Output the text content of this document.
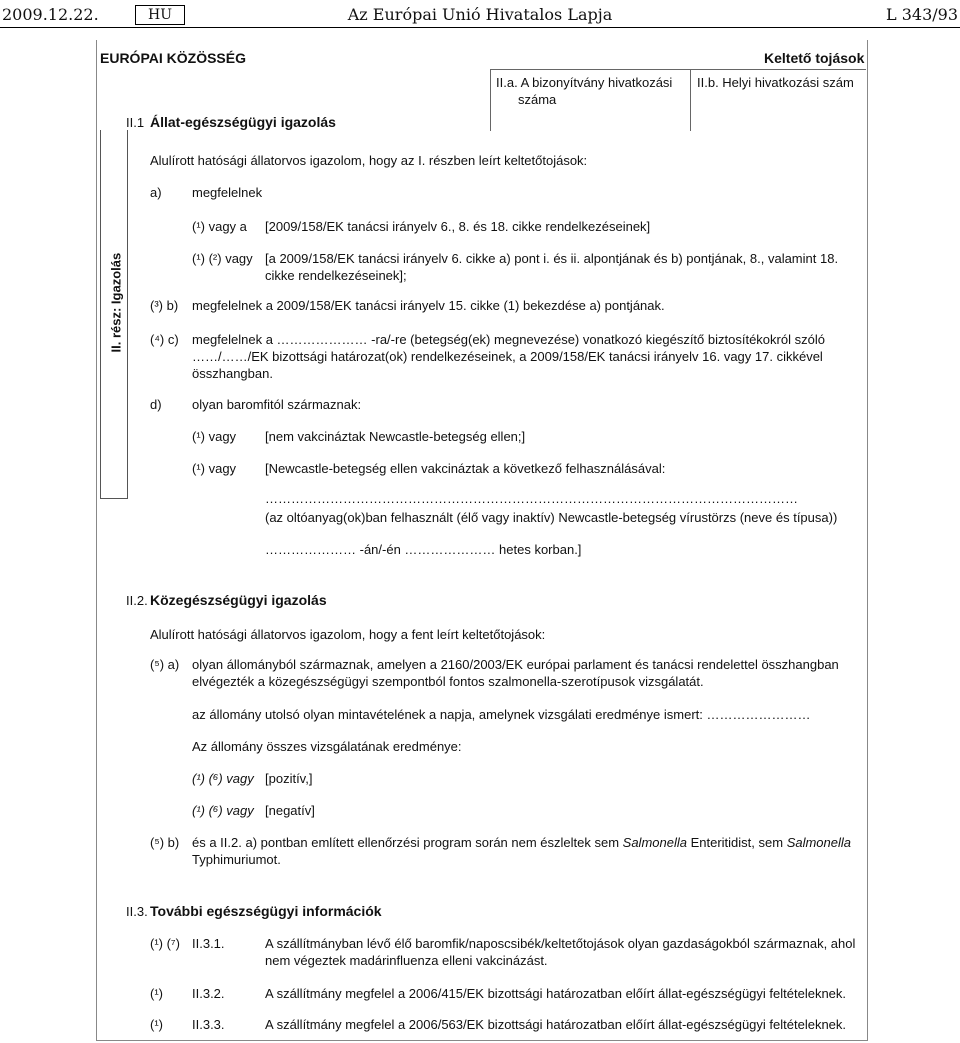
2009.12.22.	HU	Az Európai Unió Hivatalos Lapja	L 343/93
EURÓPAI KÖZÖSSÉG	Keltető tojások
II.a. A bizonyítvány hivatkozási
száma
II.b. Helyi hivatkozási szám
II. rész: Igazolás
II.1 Állat-egészségügyi igazolás
Alulírott hatósági állatorvos igazolom, hogy az I. részben leírt keltetőtojások:
a) megfelelnek
(¹) vagy a [2009/158/EK tanácsi irányelv 6., 8. és 18. cikke rendelkezéseinek]
(¹) (²) vagy [a 2009/158/EK tanácsi irányelv 6. cikke a) pont i. és ii. alpontjának és b) pontjának, 8., valamint 18. cikke rendelkezéseinek];
(³) b) megfelelnek a 2009/158/EK tanácsi irányelv 15. cikke (1) bekezdése a) pontjának.
(⁴) c) megfelelnek a ………………… -ra/-re (betegség(ek) megnevezése) vonatkozó kiegészítő biztosítékokról szóló ……/……/EK bizottsági határozat(ok) rendelkezéseinek, a 2009/158/EK tanácsi irányelv 16. vagy 17. cikkével összhangban.
d) olyan baromfitól származnak:
(¹) vagy [nem vakcináztak Newcastle-betegség ellen;]
(¹) vagy [Newcastle-betegség ellen vakcináztak a következő felhasználásával:
……………………………………………………………………………………………………………
(az oltóanyag(ok)ban felhasznált (élő vagy inaktív) Newcastle-betegség vírustörzs (neve és típusa))
………………… -án/-én ………………… hetes korban.]
II.2. Közegészségügyi igazolás
Alulírott hatósági állatorvos igazolom, hogy a fent leírt keltetőtojások:
(⁵) a) olyan állományból származnak, amelyen a 2160/2003/EK európai parlament és tanácsi rendelettel összhangban elvégezték a közegészségügyi szempontból fontos szalmonella-szerotípusok vizsgálatát.
az állomány utolsó olyan mintavételének a napja, amelynek vizsgálati eredménye ismert: ……………………
Az állomány összes vizsgálatának eredménye:
(¹) (⁶) vagy [pozitív,]
(¹) (⁶) vagy [negatív]
(⁵) b) és a II.2. a) pontban említett ellenőrzési program során nem észleltek sem Salmonella Enteritidist, sem Salmonella Typhimuriumot.
II.3. További egészségügyi információk
(¹) (⁷) II.3.1.	A szállítmányban lévő élő baromfik/naposcsibék/keltetőtojások olyan gazdaságokból származnak, ahol nem végeztek madárinfluenza elleni vakcinázást.
(¹) II.3.2.	A szállítmány megfelel a 2006/415/EK bizottsági határozatban előírt állat-egészségügyi feltételeknek.
(¹) II.3.3.	A szállítmány megfelel a 2006/563/EK bizottsági határozatban előírt állat-egészségügyi feltételeknek.
